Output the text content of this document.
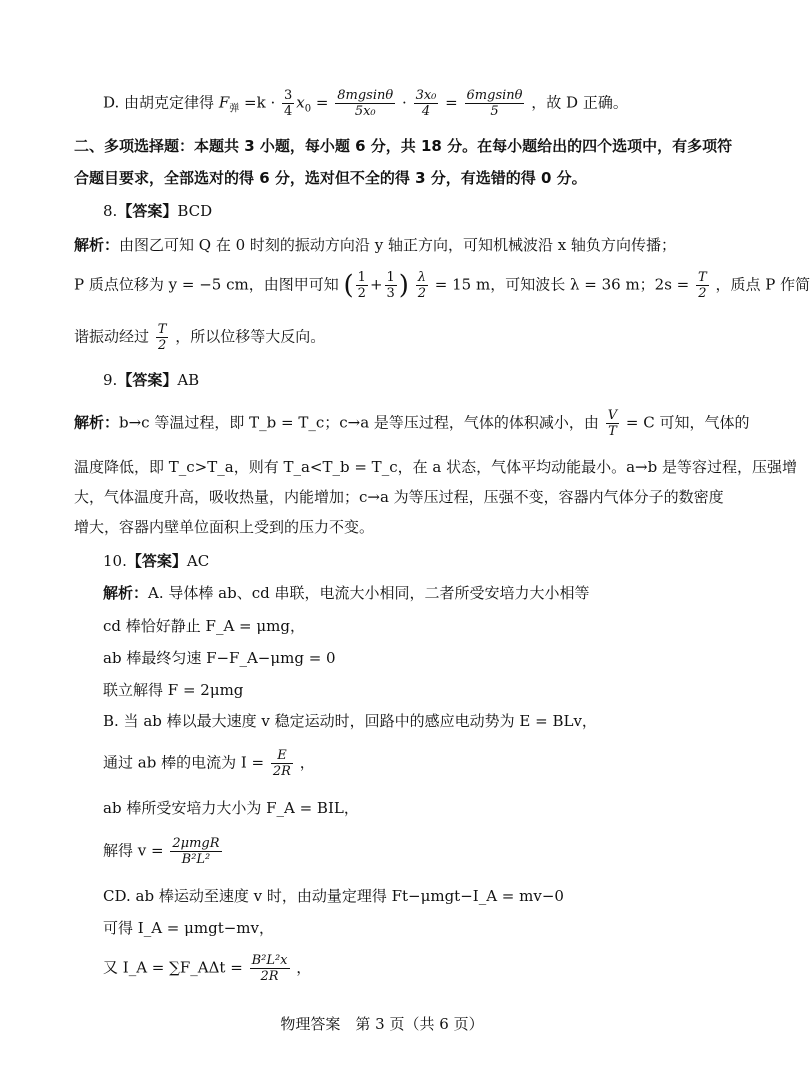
D. 由胡克定律得 $F_弹 =k \cdot \frac{3}{4} x_0 = \frac{8mgsin\theta}{\text{5x₀}} \cdot \frac{\text{3x₀}}{4} = \frac{6mgsin\theta}{5}$ ，故 D 正确。
二、多项选择题：本题共 3 小题，每小题 6 分，共 18 分。在每小题给出的四个选项中，有多项符
合题目要求，全部选对的得 6 分，选对但不全的得 3 分，有选错的得 0 分。
8.【答案】BCD
解析：由图乙可知 Q 在 0 时刻的振动方向沿 y 轴正方向，可知机械波沿 x 轴负方向传播；
P 质点位移为 y = −5 cm，由图甲可知 ( $\frac{1}{2} + \frac{1}{3}$ ) $\frac{\lambda}{2} = 15$ m，可知波长 λ = 36 m；$2s = \frac{T}{2}$ ，质点 P 作简
谐振动经过 $\frac{T}{2}$ ，所以位移等大反向。
9.【答案】AB
解析：b→c 等温过程，即 T_b = T_c；c→a 是等压过程，气体的体积减小，由 $\frac{V}{T} = C$ 可知，气体的
温度降低，即 T_c>T_a，则有 T_a<T_b = T_c，在 a 状态，气体平均动能最小。a→b 是等容过程，压强增
大，气体温度升高，吸收热量，内能增加；c→a 为等压过程，压强不变，容器内气体分子的数密度
增大，容器内壁单位面积上受到的压力不变。
10.【答案】AC
解析：A. 导体棒 ab、cd 串联，电流大小相同，二者所受安培力大小相等
cd 棒恰好静止 F_A = μmg，
ab 棒最终匀速 F−F_A−μmg = 0
联立解得 F = 2μmg
B. 当 ab 棒以最大速度 v 稳定运动时，回路中的感应电动势为 E = BLv，
通过 ab 棒的电流为 $I = \frac{E}{2R}$ ，
ab 棒所受安培力大小为 F_A = BIL，
解得 $v = \frac{\text{2μmgR}}{\text{B²L²}}$
CD. ab 棒运动至速度 v 时，由动量定理得 Ft−μmgt−I_A = mv−0
可得 I_A = μmgt−mv，
又 I_A = ∑F_AΔt = $\frac{\text{B²L²x}}{2R}$ ，
物理答案　第 3 页（共 6 页）
